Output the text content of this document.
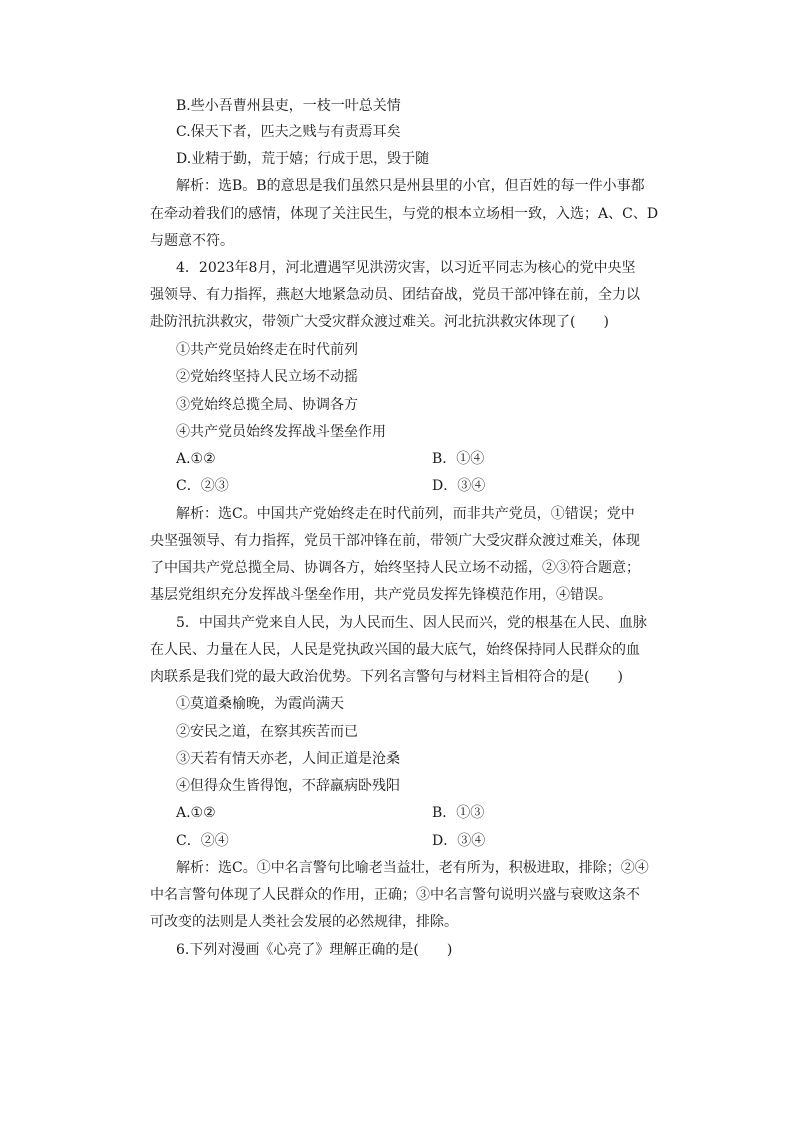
B.些小吾曹州县吏，一枝一叶总关情
C.保天下者，匹夫之贱与有责焉耳矣
D.业精于勤，荒于嬉；行成于思，毁于随
解析：选B。B的意思是我们虽然只是州县里的小官，但百姓的每一件小事都
在牵动着我们的感情，体现了关注民生，与党的根本立场相一致，入选；A、C、D
与题意不符。
4．2023年8月，河北遭遇罕见洪涝灾害，以习近平同志为核心的党中央坚
强领导、有力指挥，燕赵大地紧急动员、团结奋战，党员干部冲锋在前，全力以
赴防汛抗洪救灾，带领广大受灾群众渡过难关。河北抗洪救灾体现了(　　)
①共产党员始终走在时代前列
②党始终坚持人民立场不动摇
③党始终总揽全局、协调各方
④共产党员始终发挥战斗堡垒作用
A.①②	B．①④
C．②③	D．③④
解析：选C。中国共产党始终走在时代前列，而非共产党员，①错误；党中
央坚强领导、有力指挥，党员干部冲锋在前，带领广大受灾群众渡过难关，体现
了中国共产党总揽全局、协调各方，始终坚持人民立场不动摇，②③符合题意；
基层党组织充分发挥战斗堡垒作用，共产党员发挥先锋模范作用，④错误。
5．中国共产党来自人民，为人民而生、因人民而兴，党的根基在人民、血脉
在人民、力量在人民，人民是党执政兴国的最大底气，始终保持同人民群众的血
肉联系是我们党的最大政治优势。下列名言警句与材料主旨相符合的是(　　)
①莫道桑榆晚，为霞尚满天
②安民之道，在察其疾苦而已
③天若有情天亦老，人间正道是沧桑
④但得众生皆得饱，不辞羸病卧残阳
A.①②	B．①③
C．②④	D．③④
解析：选C。①中名言警句比喻老当益壮，老有所为，积极进取，排除；②④
中名言警句体现了人民群众的作用，正确；③中名言警句说明兴盛与衰败这条不
可改变的法则是人类社会发展的必然规律，排除。
6.下列对漫画《心亮了》理解正确的是(　　)
